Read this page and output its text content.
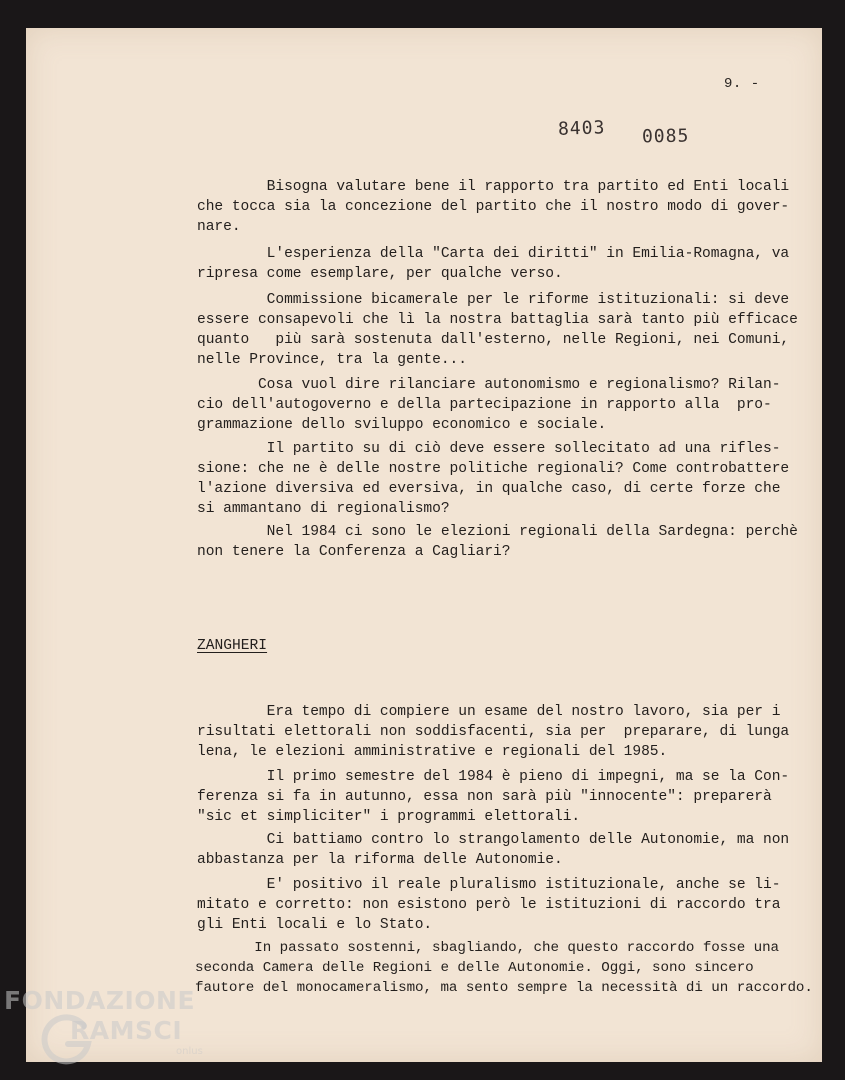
9. -
8403 0085
Bisogna valutare bene il rapporto tra partito ed Enti locali
che tocca sia la concezione del partito che il nostro modo di gover-
nare.
L'esperienza della "Carta dei diritti" in Emilia-Romagna,
ripresa come esemplare, per qualche verso.
Commissione bicamerale per le riforme istituzionali: si deve
essere consapevoli che lì la nostra battaglia sarà tanto più efficace
quanto   più sarà sostenuta dall'esterno, nelle Regioni, nei Comuni,
nelle Province, tra la gente...
Cosa vuol dire rilanciare autonomismo e regionalismo? Rilan-
cio dell'autogoverno e della partecipazione in rapporto alla  pro-
grammazione dello sviluppo economico e sociale.
Il partito su di ciò deve essere sollecitato ad una rifles-
sione: che ne è delle nostre politiche regionali? Come controbattere
l'azione diversiva ed eversiva, in qualche caso, di certe forze che
si ammantano di regionalismo?
Nel 1984 ci sono le elezioni regionali della Sardegna: perchè
non tenere la Conferenza a Cagliari?
ZANGHERI
Era tempo di compiere un esame del nostro lavoro, sia per i
risultati elettorali non soddisfacenti, sia per  preparare, di lunga
lena, le elezioni amministrative e regionali del 1985.
Il primo semestre del 1984 è pieno di impegni, ma se la Con-
ferenza si fa in autunno, essa non sarà più "innocente": preparerà
"sic et simpliciter" i programmi elettorali.
Ci battiamo contro lo strangolamento delle Autonomie, ma non
abbastanza per la riforma delle Autonomie.
E' positivo il reale pluralismo istituzionale, anche se li-
mitato e corretto: non esistono però le istituzioni di raccordo tra
gli Enti locali e lo Stato.
In passato sostenni, sbagliando, che questo raccordo fosse una
seconda Camera delle Regioni e delle Autonomie. Oggi, sono sincero
fautore del monocameralismo, ma sento sempre la necessità di un raccordo.
FONDAZIONE
RAMSCI
onlus
